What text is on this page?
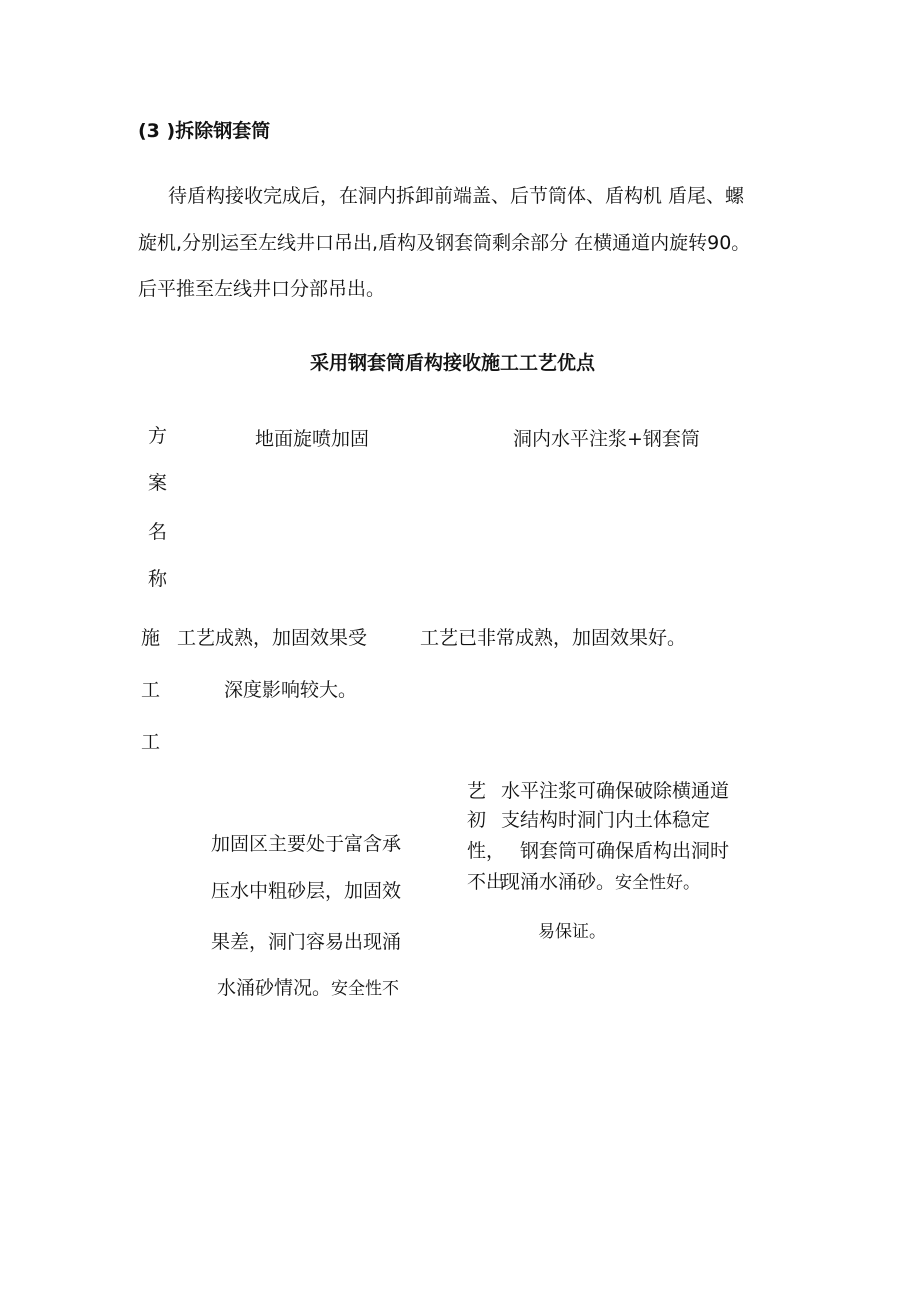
(3 )拆除钢套筒
待盾构接收完成后，在洞内拆卸前端盖、后节筒体、盾构机 盾尾、螺
旋机,分别运至左线井口吊出,盾构及钢套筒剩余部分 在横通道内旋转90。
后平推至左线井口分部吊出。
采用钢套筒盾构接收施工工艺优点
方
案
名
称
地面旋喷加固	洞内水平注浆+钢套筒
施
工
工
工艺成熟，加固效果受
深度影响较大。
工艺已非常成熟，加固效果好。
加固区主要处于富含承
压水中粗砂层，加固效
果差，洞门容易出现涌
水涌砂情况。安全性不
艺
初
性，
不出
水平注浆可确保破除横通道
支结构时洞门内土体稳定
钢套筒可确保盾构出洞时
现涌水涌砂。安全性好。
易保证。
